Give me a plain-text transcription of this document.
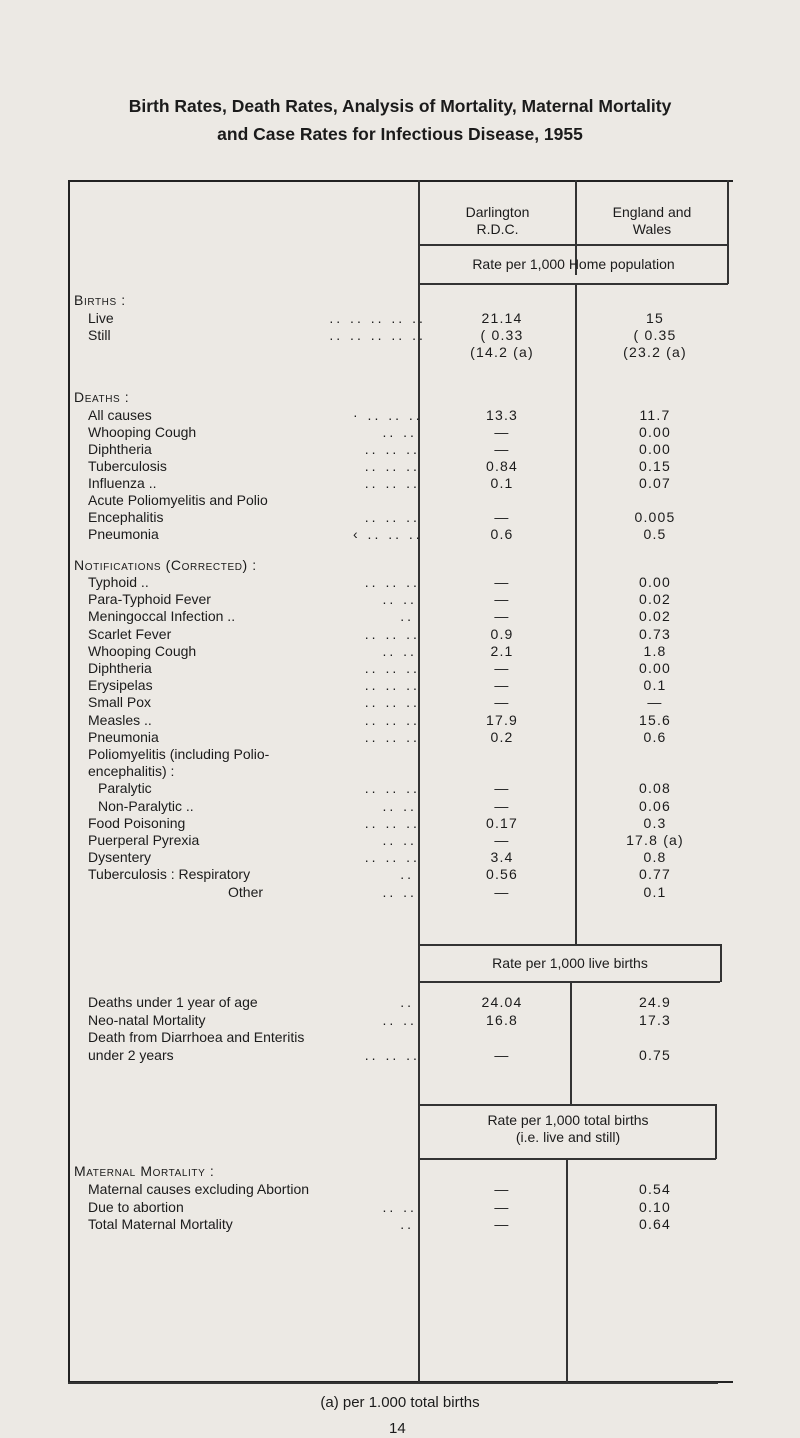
Birth Rates, Death Rates, Analysis of Mortality, Maternal Mortality
and Case Rates for Infectious Disease, 1955
Darlington
R.D.C.
England and
Wales
Rate per 1,000 Home population
Rate per 1,000 live births
Rate per 1,000 total births
(i.e. live and still)
Births :
Live	.. .. .. .. ..	21.14	15
Still	.. .. .. .. ..	( 0.33	( 0.35
(14.2 (a)	(23.2 (a)
Deaths :
All causes	· .. .. ..	13.3	11.7
Whooping Cough	.. ..	—	0.00
Diphtheria	.. .. ..	—	0.00
Tuberculosis	.. .. ..	0.84	0.15
Influenza ..	.. .. ..	0.1	0.07
Acute Poliomyelitis and Polio
Encephalitis	.. .. ..	—	0.005
Pneumonia	‹ .. .. ..	0.6	0.5
Notifications (Corrected) :
Typhoid ..	.. .. ..	—	0.00
Para-Typhoid Fever	.. ..	—	0.02
Meningoccal Infection ..	..	—	0.02
Scarlet Fever	.. .. ..	0.9	0.73
Whooping Cough	.. ..	2.1	1.8
Diphtheria	.. .. ..	—	0.00
Erysipelas	.. .. ..	—	0.1
Small Pox	.. .. ..	—	—
Measles ..	.. .. ..	17.9	15.6
Pneumonia	.. .. ..	0.2	0.6
Poliomyelitis (including Polio-
encephalitis) :
Paralytic	.. .. ..	—	0.08
Non-Paralytic ..	.. ..	—	0.06
Food Poisoning	.. .. ..	0.17	0.3
Puerperal Pyrexia	.. ..	—	17.8 (a)
Dysentery	.. .. ..	3.4	0.8
Tuberculosis : Respiratory	..	0.56	0.77
Other	.. ..	—	0.1
Deaths under 1 year of age	..	24.04	24.9
Neo-natal Mortality	.. ..	16.8	17.3
Death from Diarrhoea and Enteritis
under 2 years	.. .. ..	—	0.75
Maternal Mortality :
Maternal causes excluding Abortion	—	0.54
Due to abortion	.. ..	—	0.10
Total Maternal Mortality	..	—	0.64
(a) per 1.000 total births
14
